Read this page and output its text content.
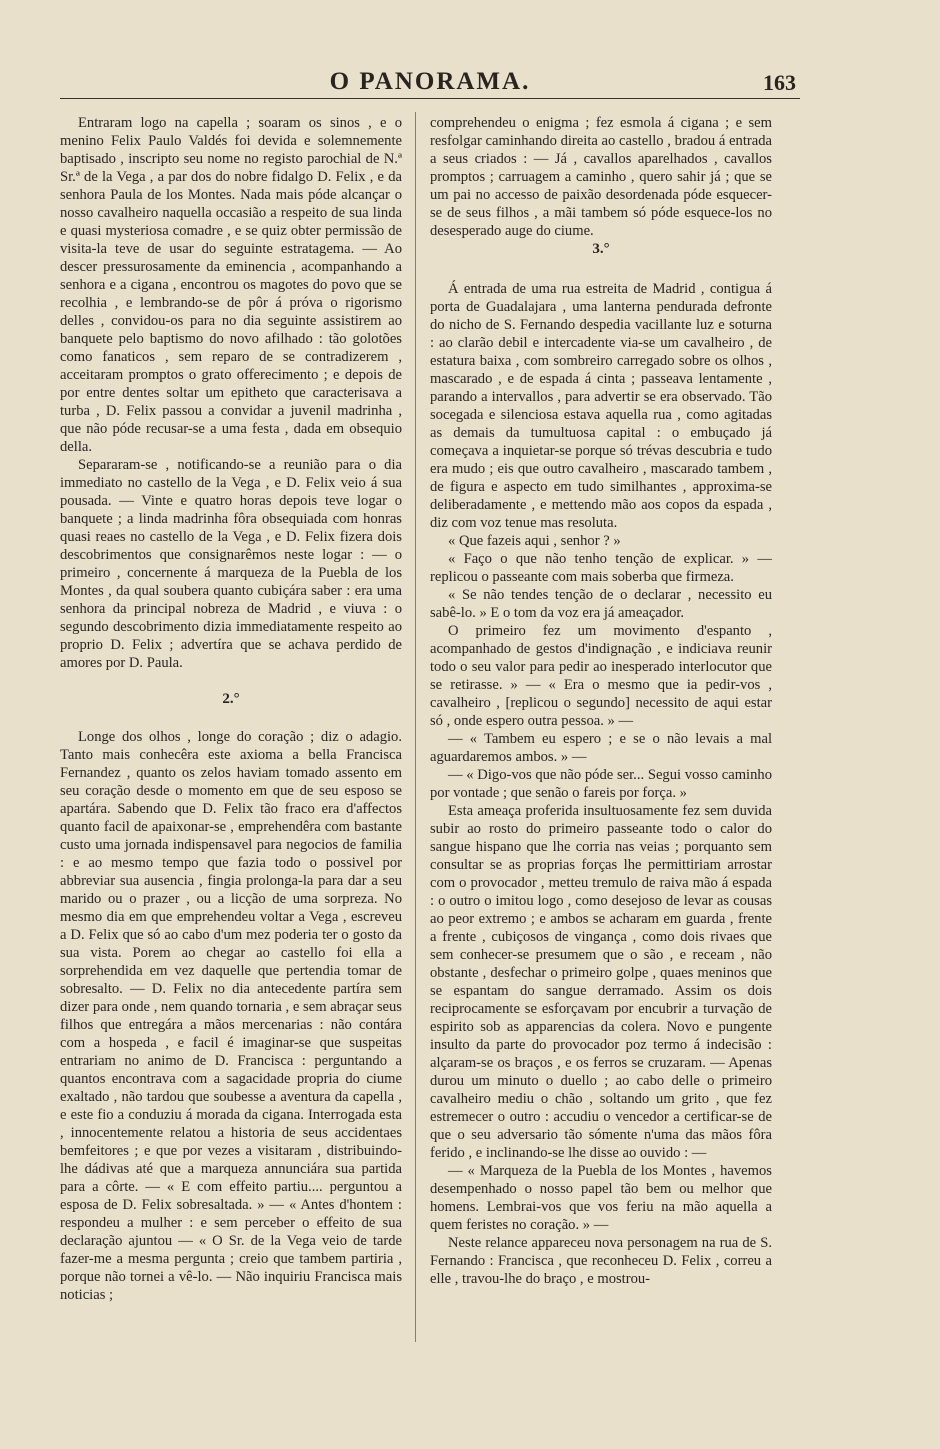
O PANORAMA.	163

Entraram logo na capella ; soaram os sinos , e o menino Felix Paulo Valdés foi devida e solemnemente baptisado , inscripto seu nome no registo parochial de N.ª Sr.ª de la Vega , a par dos do nobre fidalgo D. Felix , e da senhora Paula de los Montes. Nada mais póde alcançar o nosso cavalheiro naquella occasião a respeito de sua linda e quasi mysteriosa comadre , e se quiz obter permissão de visita-la teve de usar do seguinte estratagema. — Ao descer pressurosamente da eminencia , acompanhando a senhora e a cigana , encontrou os magotes do povo que se recolhia , e lembrando-se de pôr á próva o rigorismo delles , convidou-os para no dia seguinte assistirem ao banquete pelo baptismo do novo afilhado : tão golotões como fanaticos , sem reparo de se contradizerem , acceitaram promptos o grato offerecimento ; e depois de por entre dentes soltar um epitheto que caracterisava a turba , D. Felix passou a convidar a juvenil madrinha , que não póde recusar-se a uma festa , dada em obsequio della.

Separaram-se , notificando-se a reunião para o dia immediato no castello de la Vega , e D. Felix veio á sua pousada. — Vinte e quatro horas depois teve logar o banquete ; a linda madrinha fôra obsequiada com honras quasi reaes no castello de la Vega , e D. Felix fizera dois descobrimentos que consignarêmos neste logar : — o primeiro , concernente á marqueza de la Puebla de los Montes , da qual soubera quanto cubiçára saber : era uma senhora da principal nobreza de Madrid , e viuva : o segundo descobrimento dizia immediatamente respeito ao proprio D. Felix ; advertíra que se achava perdido de amores por D. Paula.

2.°

Longe dos olhos , longe do coração ; diz o adagio. Tanto mais conhecêra este axioma a bella Francisca Fernandez , quanto os zelos haviam tomado assento em seu coração desde o momento em que de seu esposo se apartára. Sabendo que D. Felix tão fraco era d'affectos quanto facil de apaixonar-se , emprehendêra com bastante custo uma jornada indispensavel para negocios de familia : e ao mesmo tempo que fazia todo o possivel por abbreviar sua ausencia , fingia prolonga-la para dar a seu marido ou o prazer , ou a licção de uma sorpreza. No mesmo dia em que emprehendeu voltar a Vega , escreveu a D. Felix que só ao cabo d'um mez poderia ter o gosto da sua vista. Porem ao chegar ao castello foi ella a sorprehendida em vez daquelle que pertendia tomar de sobresalto. — D. Felix no dia antecedente partíra sem dizer para onde , nem quando tornaria , e sem abraçar seus filhos que entregára a mãos mercenarias : não contára com a hospeda , e facil é imaginar-se que suspeitas entrariam no animo de D. Francisca : perguntando a quantos encontrava com a sagacidade propria do ciume exaltado , não tardou que soubesse a aventura da capella , e este fio a conduziu á morada da cigana. Interrogada esta , innocentemente relatou a historia de seus accidentaes bemfeitores ; e que por vezes a visitaram , distribuindo-lhe dádivas até que a marqueza annunciára sua partida para a côrte. — « E com effeito partiu.... perguntou a esposa de D. Felix sobresaltada. » — « Antes d'hontem : respondeu a mulher : e sem perceber o effeito de sua declaração ajuntou — « O Sr. de la Vega veio de tarde fazer-me a mesma pergunta ; creio que tambem partiria , porque não tornei a vê-lo. — Não inquiriu Francisca mais noticias ;

comprehendeu o enigma ; fez esmola á cigana ; e sem resfolgar caminhando direita ao castello , bradou á entrada a seus criados : — Já , cavallos aparelhados , cavallos promptos ; carruagem a caminho , quero sahir já ; que se um pai no accesso de paixão desordenada póde esquecer-se de seus filhos , a mãi tambem só póde esquece-los no desesperado auge do ciume.

3.°

Á entrada de uma rua estreita de Madrid , contigua á porta de Guadalajara , uma lanterna pendurada defronte do nicho de S. Fernando despedia vacillante luz e soturna : ao clarão debil e intercadente via-se um cavalheiro , de estatura baixa , com sombreiro carregado sobre os olhos , mascarado , e de espada á cinta ; passeava lentamente , parando a intervallos , para advertir se era observado. Tão socegada e silenciosa estava aquella rua , como agitadas as demais da tumultuosa capital : o embuçado já começava a inquietar-se porque só trévas descubria e tudo era mudo ; eis que outro cavalheiro , mascarado tambem , de figura e aspecto em tudo similhantes , approxima-se deliberadamente , e mettendo mão aos copos da espada , diz com voz tenue mas resoluta.

« Que fazeis aqui , senhor ? »

« Faço o que não tenho tenção de explicar. » — replicou o passeante com mais soberba que firmeza.

« Se não tendes tenção de o declarar , necessito eu sabê-lo. » E o tom da voz era já ameaçador.

O primeiro fez um movimento d'espanto , acompanhado de gestos d'indignação , e indiciava reunir todo o seu valor para pedir ao inesperado interlocutor que se retirasse. » — « Era o mesmo que ia pedir-vos , cavalheiro , [replicou o segundo] necessito de aqui estar só , onde espero outra pessoa. » —

— « Tambem eu espero ; e se o não levais a mal aguardaremos ambos. » —

— « Digo-vos que não póde ser... Segui vosso caminho por vontade ; que senão o fareis por força. »

Esta ameaça proferida insultuosamente fez sem duvida subir ao rosto do primeiro passeante todo o calor do sangue hispano que lhe corria nas veias ; porquanto sem consultar se as proprias forças lhe permittiriam arrostar com o provocador , metteu tremulo de raiva mão á espada : o outro o imitou logo , como desejoso de levar as cousas ao peor extremo ; e ambos se acharam em guarda , frente a frente , cubiçosos de vingança , como dois rivaes que sem conhecer-se presumem que o são , e receam , não obstante , desfechar o primeiro golpe , quaes meninos que se espantam do sangue derramado. Assim os dois reciprocamente se esforçavam por encubrir a turvação de espirito sob as apparencias da colera. Novo e pungente insulto da parte do provocador poz termo á indecisão : alçaram-se os braços , e os ferros se cruzaram. — Apenas durou um minuto o duello ; ao cabo delle o primeiro cavalheiro mediu o chão , soltando um grito , que fez estremecer o outro : accudiu o vencedor a certificar-se de que o seu adversario tão sómente n'uma das mãos fôra ferido , e inclinando-se lhe disse ao ouvido : —

— « Marqueza de la Puebla de los Montes , havemos desempenhado o nosso papel tão bem ou melhor que homens. Lembrai-vos que vos feriu na mão aquella a quem feristes no coração. » —

Neste relance appareceu nova personagem na rua de S. Fernando : Francisca , que reconheceu D. Felix , correu a elle , travou-lhe do braço , e mostrou-
